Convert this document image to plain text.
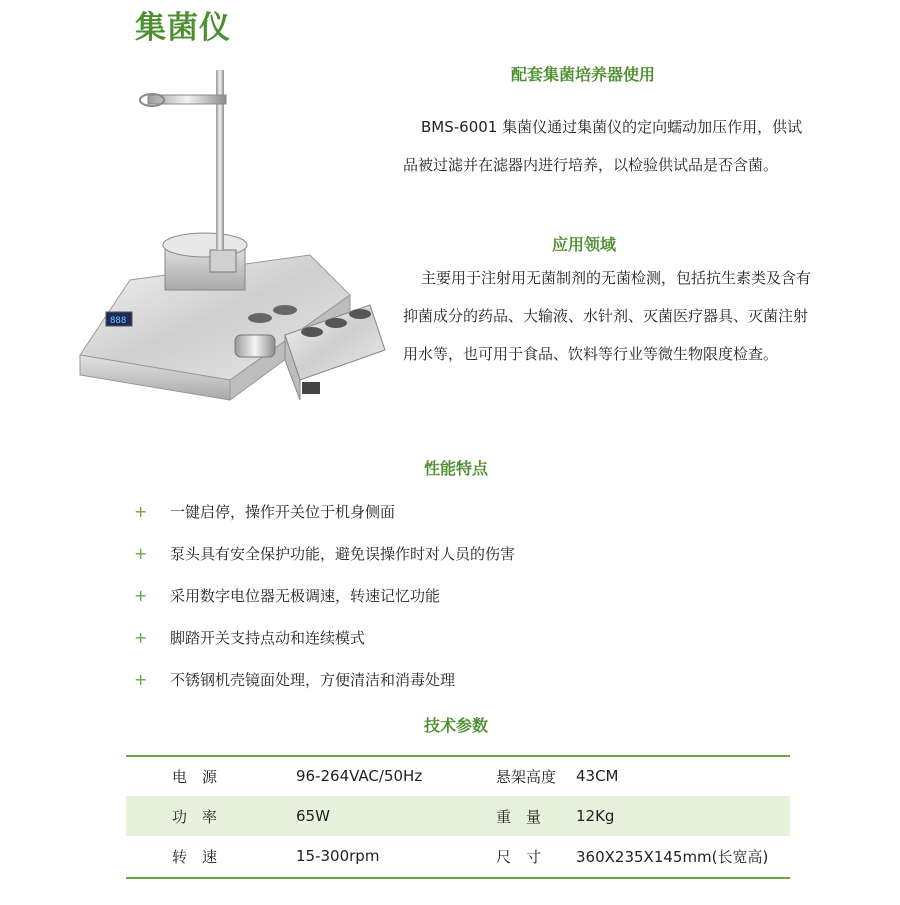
集菌仪
888
配套集菌培养器使用
BMS-6001 集菌仪通过集菌仪的定向蠕动加压作用，供试品被过滤并在滤器内进行培养，以检验供试品是否含菌。
应用领域
主要用于注射用无菌制剂的无菌检测，包括抗生素类及含有抑菌成分的药品、大输液、水针剂、灭菌医疗器具、灭菌注射用水等，也可用于食品、饮料等行业等微生物限度检查。
性能特点
+	一键启停，操作开关位于机身侧面
+	泵头具有安全保护功能，避免误操作时对人员的伤害
+	采用数字电位器无极调速，转速记忆功能
+	脚踏开关支持点动和连续模式
+	不锈钢机壳镜面处理，方便清洁和消毒处理
技术参数
电　源	96-264VAC/50Hz	悬架高度	43CM
功　率	65W	重　量	12Kg
转　速	15-300rpm	尺　寸	360X235X145mm(长宽高)
